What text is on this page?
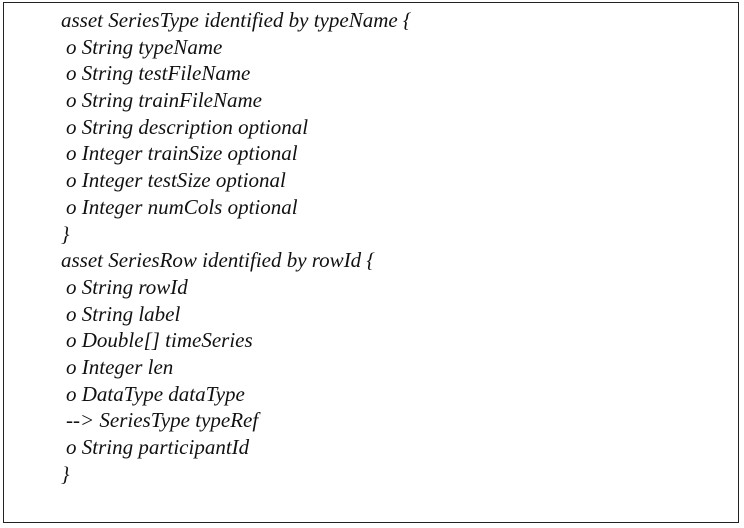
asset SeriesType identified by typeName {
o String typeName
o String testFileName
o String trainFileName
o String description optional
o Integer trainSize optional
o Integer testSize optional
o Integer numCols optional
}
asset SeriesRow identified by rowId {
o String rowId
o String label
o Double[] timeSeries
o Integer len
o DataType dataType
--> SeriesType typeRef
o String participantId
}
